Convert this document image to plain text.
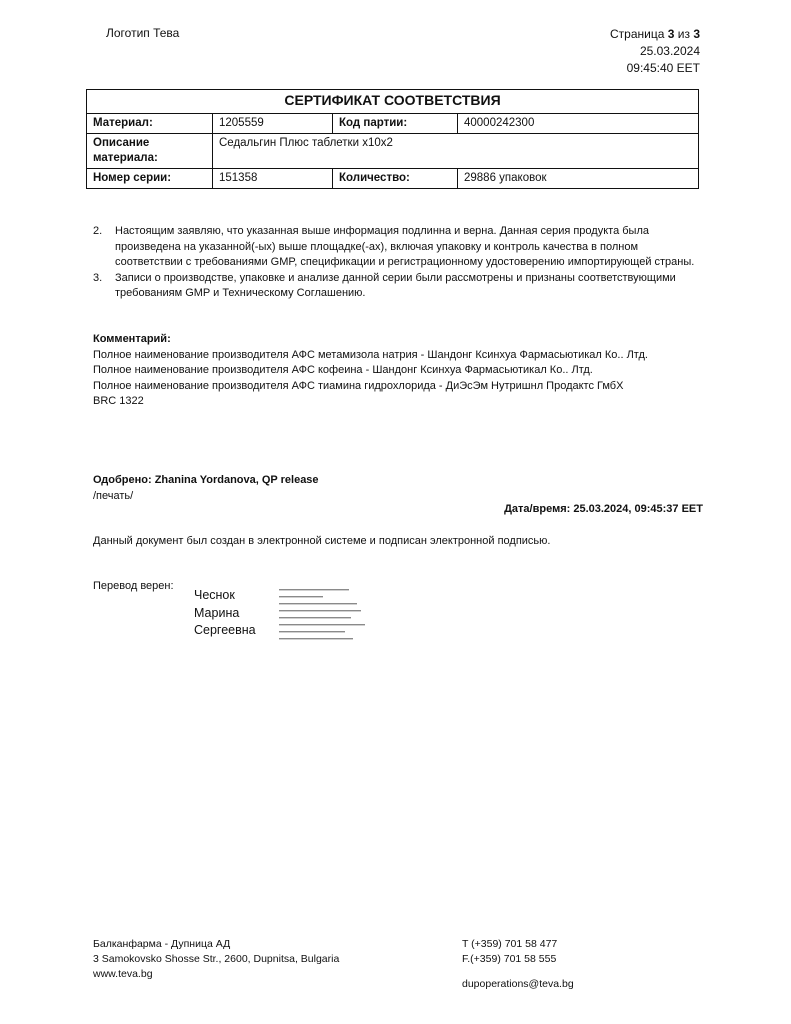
Логотип Тева	Страница 3 из 3
25.03.2024
09:45:40 EET
СЕРТИФИКАТ СООТВЕТСТВИЯ			
Материал:	1205559	Код партии:	40000242300
Описание материала:	Седальгин Плюс таблетки x10x2		
Номер серии:	151358	Количество:	29886 упаковок
2.	Настоящим заявляю, что указанная выше информация подлинна и верна. Данная серия продукта была произведена на указанной(-ых) выше площадке(-ах), включая упаковку и контроль качества в полном соответствии с требованиями GMP, спецификации и регистрационному удостоверению импортирующей страны.
3.	Записи о производстве, упаковке и анализе данной серии были рассмотрены и признаны соответствующими требованиям GMP и Техническому Соглашению.
Комментарий:
Полное наименование производителя АФС метамизола натрия - Шандонг Ксинхуа Фармасьютикал Ко.. Лтд.
Полное наименование производителя АФС кофеина - Шандонг Ксинхуа Фармасьютикал Ко.. Лтд.
Полное наименование производителя АФС тиамина гидрохлорида - ДиЭсЭм Нутришнл Продактс ГмбХ
BRC 1322
Одобрено: Zhanina Yordanova, QP release
/печать/
Дата/время: 25.03.2024, 09:45:37 EET
Данный документ был создан в электронной системе и подписан электронной подписью.
Перевод верен:
Чеснок
Марина
Сергеевна
Балканфарма - Дупница АД
3 Samokovsko Shosse Str., 2600, Dupnitsa, Bulgaria
www.teva.bg
T (+359) 701 58 477
F.(+359) 701 58 555
dupoperations@teva.bg
